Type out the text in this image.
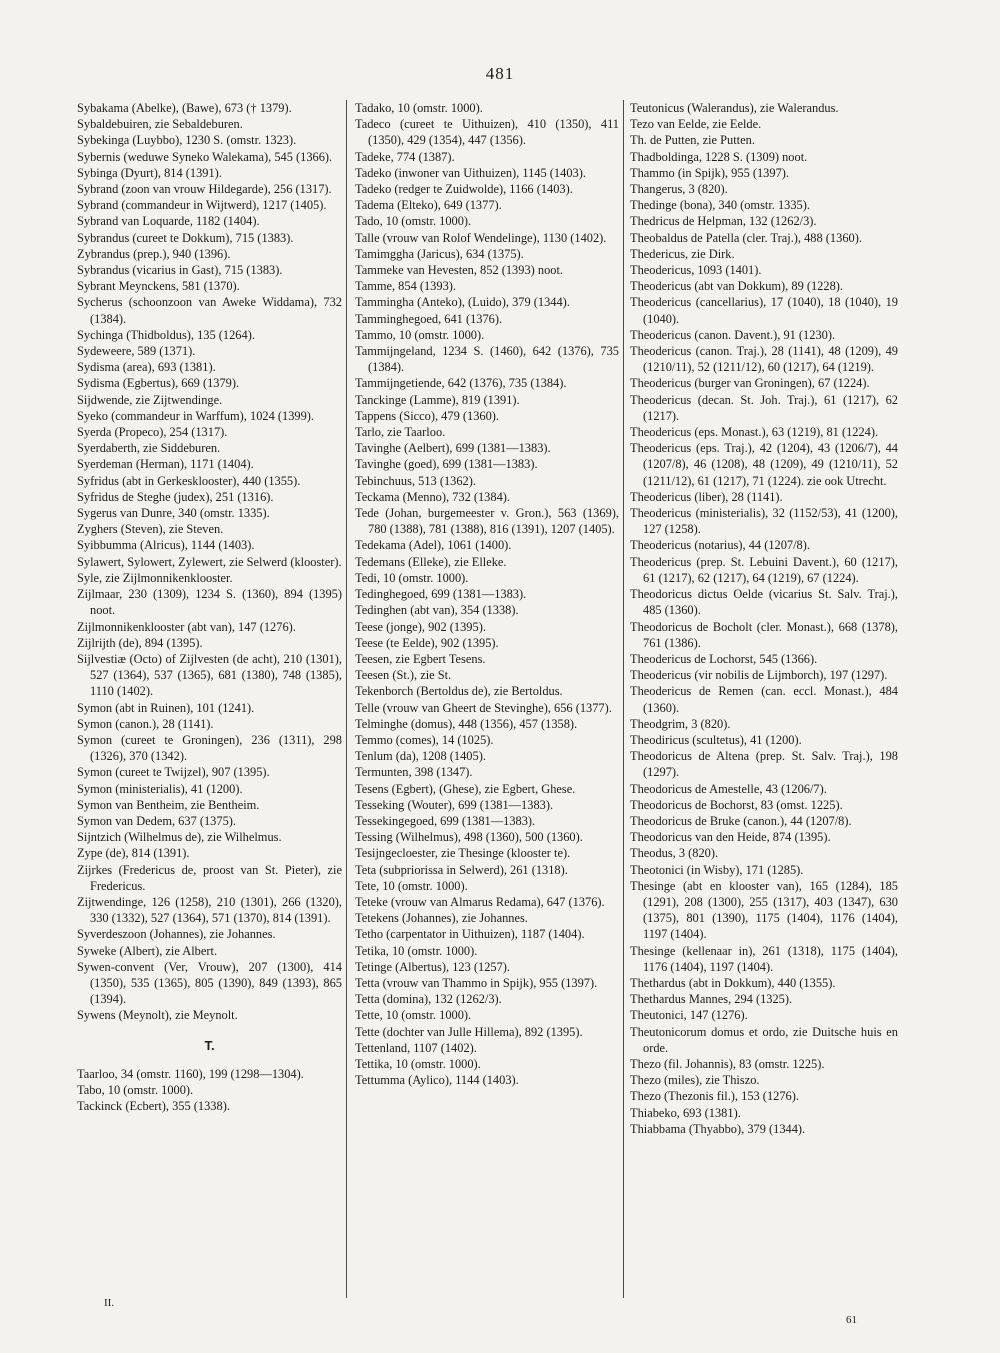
481
Sybakama (Abelke), (Bawe), 673 († 1379).
Sybaldebuiren, zie Sebaldeburen.
Sybekinga (Luybbo), 1230 S. (omstr. 1323).
Sybernis (weduwe Syneko Walekama), 545 (1366).
Sybinga (Dyurt), 814 (1391).
Sybrand (zoon van vrouw Hildegarde), 256 (1317).
Sybrand (commandeur in Wijtwerd), 1217 (1405).
Sybrand van Loquarde, 1182 (1404).
Sybrandus (cureet te Dokkum), 715 (1383).
Zybrandus (prep.), 940 (1396).
Sybrandus (vicarius in Gast), 715 (1383).
Sybrant Meynckens, 581 (1370).
Sycherus (schoonzoon van Aweke Widdama), 732 (1384).
Sychinga (Thidboldus), 135 (1264).
Sydeweere, 589 (1371).
Sydisma (area), 693 (1381).
Sydisma (Egbertus), 669 (1379).
Sijdwende, zie Zijtwendinge.
Syeko (commandeur in Warffum), 1024 (1399).
Syerda (Propeco), 254 (1317).
Syerdaberth, zie Siddeburen.
Syerdeman (Herman), 1171 (1404).
Syfridus (abt in Gerkesklooster), 440 (1355).
Syfridus de Steghe (judex), 251 (1316).
Sygerus van Dunre, 340 (omstr. 1335).
Zyghers (Steven), zie Steven.
Syibbumma (Alricus), 1144 (1403).
Sylawert, Sylowert, Zylewert, zie Selwerd (klooster).
Syle, zie Zijlmonnikenklooster.
Zijlmaar, 230 (1309), 1234 S. (1360), 894 (1395) noot.
Zijlmonnikenklooster (abt van), 147 (1276).
Zijlrijth (de), 894 (1395).
Sijlvestiæ (Octo) of Zijlvesten (de acht), 210 (1301), 527 (1364), 537 (1365), 681 (1380), 748 (1385), 1110 (1402).
Symon (abt in Ruinen), 101 (1241).
Symon (canon.), 28 (1141).
Symon (cureet te Groningen), 236 (1311), 298 (1326), 370 (1342).
Symon (cureet te Twijzel), 907 (1395).
Symon (ministerialis), 41 (1200).
Symon van Bentheim, zie Bentheim.
Symon van Dedem, 637 (1375).
Sijntzich (Wilhelmus de), zie Wilhelmus.
Zype (de), 814 (1391).
Zijrkes (Fredericus de, proost van St. Pieter), zie Fredericus.
Zijtwendinge, 126 (1258), 210 (1301), 266 (1320), 330 (1332), 527 (1364), 571 (1370), 814 (1391).
Syverdeszoon (Johannes), zie Johannes.
Syweke (Albert), zie Albert.
Sywen-convent (Ver, Vrouw), 207 (1300), 414 (1350), 535 (1365), 805 (1390), 849 (1393), 865 (1394).
Sywens (Meynolt), zie Meynolt.
T.
Taarloo, 34 (omstr. 1160), 199 (1298—1304).
Tabo, 10 (omstr. 1000).
Tackinck (Ecbert), 355 (1338).
Tadako, 10 (omstr. 1000).
Tadeco (cureet te Uithuizen), 410 (1350), 411 (1350), 429 (1354), 447 (1356).
Tadeke, 774 (1387).
Tadeko (inwoner van Uithuizen), 1145 (1403).
Tadeko (redger te Zuidwolde), 1166 (1403).
Tadema (Elteko), 649 (1377).
Tado, 10 (omstr. 1000).
Talle (vrouw van Rolof Wendelinge), 1130 (1402).
Tamimggha (Jaricus), 634 (1375).
Tammeke van Hevesten, 852 (1393) noot.
Tamme, 854 (1393).
Tammingha (Anteko), (Luido), 379 (1344).
Tamminghegoed, 641 (1376).
Tammo, 10 (omstr. 1000).
Tammijngeland, 1234 S. (1460), 642 (1376), 735 (1384).
Tammijngetiende, 642 (1376), 735 (1384).
Tanckinge (Lamme), 819 (1391).
Tappens (Sicco), 479 (1360).
Tarlo, zie Taarloo.
Tavinghe (Aelbert), 699 (1381—1383).
Tavinghe (goed), 699 (1381—1383).
Tebinchuus, 513 (1362).
Teckama (Menno), 732 (1384).
Tede (Johan, burgemeester v. Gron.), 563 (1369), 780 (1388), 781 (1388), 816 (1391), 1207 (1405).
Tedekama (Adel), 1061 (1400).
Tedemans (Elleke), zie Elleke.
Tedi, 10 (omstr. 1000).
Tedinghegoed, 699 (1381—1383).
Tedinghen (abt van), 354 (1338).
Teese (jonge), 902 (1395).
Teese (te Eelde), 902 (1395).
Teesen, zie Egbert Tesens.
Teesen (St.), zie St.
Tekenborch (Bertoldus de), zie Bertoldus.
Telle (vrouw van Gheert de Stevinghe), 656 (1377).
Telminghe (domus), 448 (1356), 457 (1358).
Temmo (comes), 14 (1025).
Tenlum (da), 1208 (1405).
Termunten, 398 (1347).
Tesens (Egbert), (Ghese), zie Egbert, Ghese.
Tesseking (Wouter), 699 (1381—1383).
Tessekingegoed, 699 (1381—1383).
Tessing (Wilhelmus), 498 (1360), 500 (1360).
Tesijngecloester, zie Thesinge (klooster te).
Teta (subpriorissa in Selwerd), 261 (1318).
Tete, 10 (omstr. 1000).
Teteke (vrouw van Almarus Redama), 647 (1376).
Tetekens (Johannes), zie Johannes.
Tetho (carpentator in Uithuizen), 1187 (1404).
Tetika, 10 (omstr. 1000).
Tetinge (Albertus), 123 (1257).
Tetta (vrouw van Thammo in Spijk), 955 (1397).
Tetta (domina), 132 (1262/3).
Tette, 10 (omstr. 1000).
Tette (dochter van Julle Hillema), 892 (1395).
Tettenland, 1107 (1402).
Tettika, 10 (omstr. 1000).
Tettumma (Aylico), 1144 (1403).
Teutonicus (Walerandus), zie Walerandus.
Tezo van Eelde, zie Eelde.
Th. de Putten, zie Putten.
Thadboldinga, 1228 S. (1309) noot.
Thammo (in Spijk), 955 (1397).
Thangerus, 3 (820).
Thedinge (bona), 340 (omstr. 1335).
Thedricus de Helpman, 132 (1262/3).
Theobaldus de Patella (cler. Traj.), 488 (1360).
Thedericus, zie Dirk.
Theodericus, 1093 (1401).
Theodericus (abt van Dokkum), 89 (1228).
Theodericus (cancellarius), 17 (1040), 18 (1040), 19 (1040).
Theodericus (canon. Davent.), 91 (1230).
Theodericus (canon. Traj.), 28 (1141), 48 (1209), 49 (1210/11), 52 (1211/12), 60 (1217), 64 (1219).
Theodericus (burger van Groningen), 67 (1224).
Theodericus (decan. St. Joh. Traj.), 61 (1217), 62 (1217).
Theodericus (eps. Monast.), 63 (1219), 81 (1224).
Theodericus (eps. Traj.), 42 (1204), 43 (1206/7), 44 (1207/8), 46 (1208), 48 (1209), 49 (1210/11), 52 (1211/12), 61 (1217), 71 (1224). zie ook Utrecht.
Theodericus (liber), 28 (1141).
Theodericus (ministerialis), 32 (1152/53), 41 (1200), 127 (1258).
Theodericus (notarius), 44 (1207/8).
Theodericus (prep. St. Lebuini Davent.), 60 (1217), 61 (1217), 62 (1217), 64 (1219), 67 (1224).
Theodoricus dictus Oelde (vicarius St. Salv. Traj.), 485 (1360).
Theodoricus de Bocholt (cler. Monast.), 668 (1378), 761 (1386).
Theodericus de Lochorst, 545 (1366).
Theodericus (vir nobilis de Lijmborch), 197 (1297).
Theodericus de Remen (can. eccl. Monast.), 484 (1360).
Theodgrim, 3 (820).
Theodiricus (scultetus), 41 (1200).
Theodoricus de Altena (prep. St. Salv. Traj.), 198 (1297).
Theodoricus de Amestelle, 43 (1206/7).
Theodoricus de Bochorst, 83 (omst. 1225).
Theodoricus de Bruke (canon.), 44 (1207/8).
Theodoricus van den Heide, 874 (1395).
Theodus, 3 (820).
Theotonici (in Wisby), 171 (1285).
Thesinge (abt en klooster van), 165 (1284), 185 (1291), 208 (1300), 255 (1317), 403 (1347), 630 (1375), 801 (1390), 1175 (1404), 1176 (1404), 1197 (1404).
Thesinge (kellenaar in), 261 (1318), 1175 (1404), 1176 (1404), 1197 (1404).
Thethardus (abt in Dokkum), 440 (1355).
Thethardus Mannes, 294 (1325).
Theutonici, 147 (1276).
Theutonicorum domus et ordo, zie Duitsche huis en orde.
Thezo (fil. Johannis), 83 (omstr. 1225).
Thezo (miles), zie Thiszo.
Thezo (Thezonis fil.), 153 (1276).
Thiabeko, 693 (1381).
Thiabbama (Thyabbo), 379 (1344).
II.
61
